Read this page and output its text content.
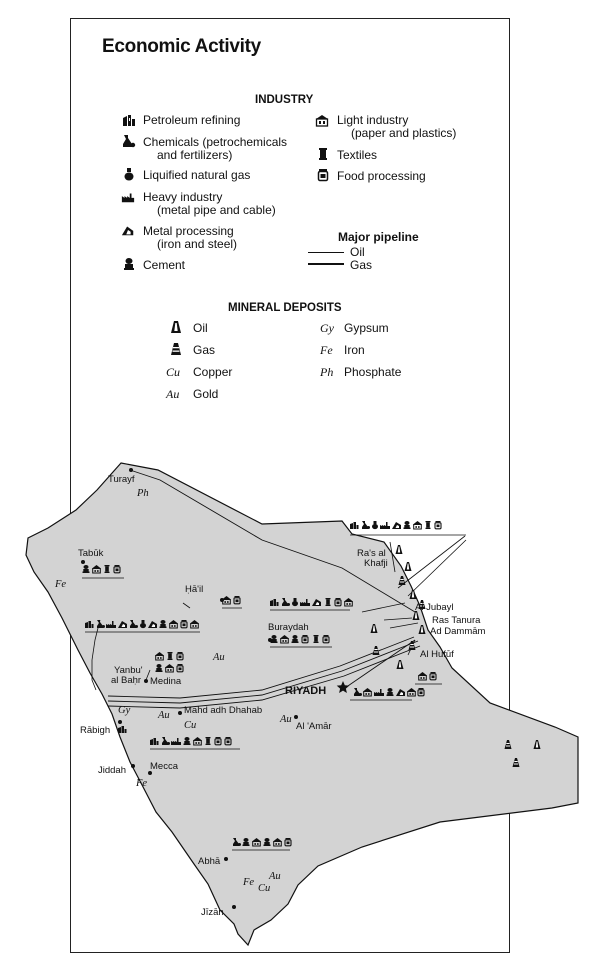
Economic Activity
INDUSTRY
Petroleum refining
Chemicals (petrochemicals
and fertilizers)
Liquified natural gas
Heavy industry
(metal pipe and cable)
Metal processing
(iron and steel)
Cement
Light industry
(paper and plastics)
Textiles
Food processing
Major pipeline
Oil
Gas
MINERAL DEPOSITS
Oil
Gas
Cu Copper
Au Gold
Gy Gypsum
Fe Iron
Ph Phosphate
Turayf
Tabūk
Ḥā'il
Ra's al
Khafji
Al Jubayl
Ras Tanura
Ad Dammām
Buraydah
Al Hufūf
Yanbu'
al Baḥr Medina
RIYADH
Mahd adh Dhahab
Al 'Amār
Rābigh
Jiddah	Mecca
Abhā
Jīzān
Ph
Fe
Au
Gy	Au
Cu
Au
Fe
Au
Fe
Cu
